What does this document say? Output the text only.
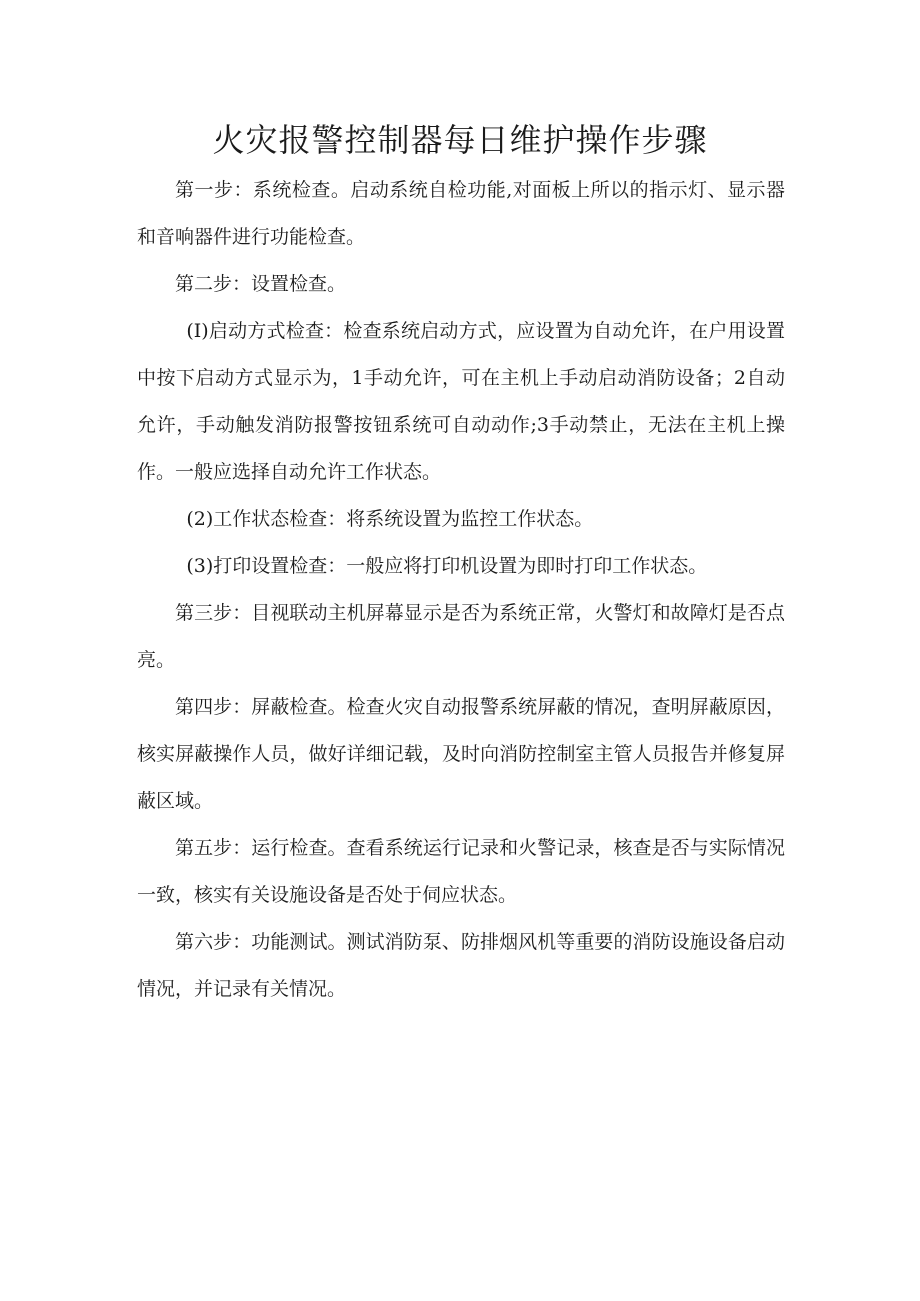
火灾报警控制器每日维护操作步骤

第一步：系统检查。启动系统自检功能,对面板上所以的指示灯、显示器和音响器件进行功能检查。

第二步：设置检查。

(I)启动方式检查：检查系统启动方式，应设置为自动允许，在户用设置中按下启动方式显示为，1手动允许，可在主机上手动启动消防设备；2自动允许，手动触发消防报警按钮系统可自动动作;3手动禁止，无法在主机上操作。一般应选择自动允许工作状态。

(2)工作状态检查：将系统设置为监控工作状态。

(3)打印设置检查：一般应将打印机设置为即时打印工作状态。

第三步：目视联动主机屏幕显示是否为系统正常，火警灯和故障灯是否点亮。

第四步：屏蔽检查。检查火灾自动报警系统屏蔽的情况，查明屏蔽原因，核实屏蔽操作人员，做好详细记载，及时向消防控制室主管人员报告并修复屏蔽区域。

第五步：运行检查。查看系统运行记录和火警记录，核查是否与实际情况一致，核实有关设施设备是否处于伺应状态。

第六步：功能测试。测试消防泵、防排烟风机等重要的消防设施设备启动情况，并记录有关情况。
